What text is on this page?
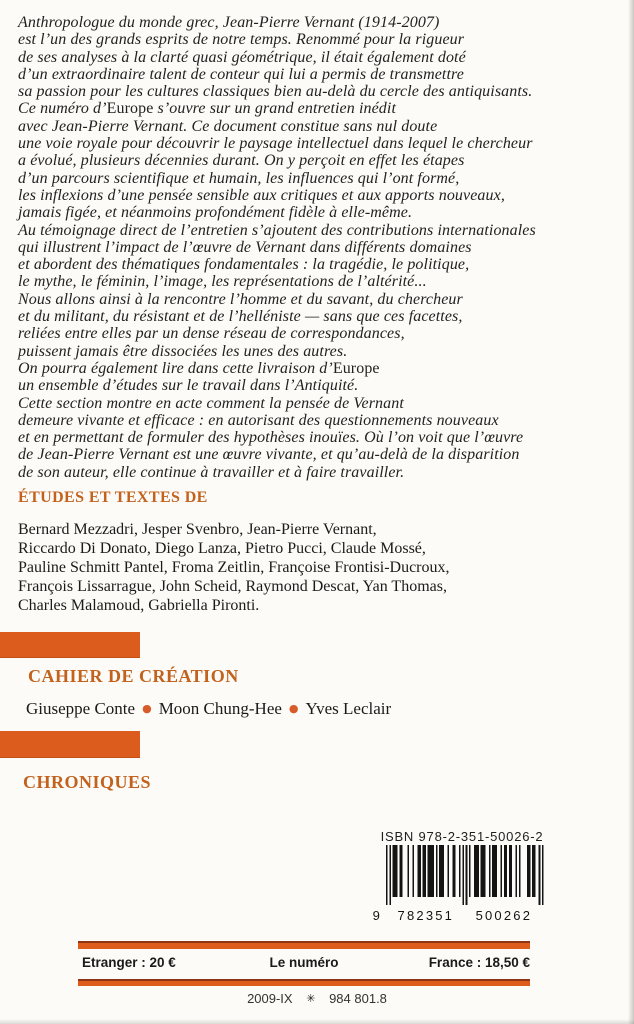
Anthropologue du monde grec, Jean-Pierre Vernant (1914-2007)
est l’un des grands esprits de notre temps. Renommé pour la rigueur
de ses analyses à la clarté quasi géométrique, il était également doté
d’un extraordinaire talent de conteur qui lui a permis de transmettre
sa passion pour les cultures classiques bien au-delà du cercle des antiquisants.
Ce numéro d’Europe s’ouvre sur un grand entretien inédit
avec Jean-Pierre Vernant. Ce document constitue sans nul doute
une voie royale pour découvrir le paysage intellectuel dans lequel le chercheur
a évolué, plusieurs décennies durant. On y perçoit en effet les étapes
d’un parcours scientifique et humain, les influences qui l’ont formé,
les inflexions d’une pensée sensible aux critiques et aux apports nouveaux,
jamais figée, et néanmoins profondément fidèle à elle-même.
Au témoignage direct de l’entretien s’ajoutent des contributions internationales
qui illustrent l’impact de l’œuvre de Vernant dans différents domaines
et abordent des thématiques fondamentales : la tragédie, le politique,
le mythe, le féminin, l’image, les représentations de l’altérité...
Nous allons ainsi à la rencontre l’homme et du savant, du chercheur
et du militant, du résistant et de l’helléniste — sans que ces facettes,
reliées entre elles par un dense réseau de correspondances,
puissent jamais être dissociées les unes des autres.
On pourra également lire dans cette livraison d’Europe
un ensemble d’études sur le travail dans l’Antiquité.
Cette section montre en acte comment la pensée de Vernant
demeure vivante et efficace : en autorisant des questionnements nouveaux
et en permettant de formuler des hypothèses inouïes. Où l’on voit que l’œuvre
de Jean-Pierre Vernant est une œuvre vivante, et qu’au-delà de la disparition
de son auteur, elle continue à travailler et à faire travailler.
ÉTUDES ET TEXTES DE
Bernard Mezzadri, Jesper Svenbro, Jean-Pierre Vernant,
Riccardo Di Donato, Diego Lanza, Pietro Pucci, Claude Mossé,
Pauline Schmitt Pantel, Froma Zeitlin, Françoise Frontisi-Ducroux,
François Lissarrague, John Scheid, Raymond Descat, Yan Thomas,
Charles Malamoud, Gabriella Pironti.
CAHIER DE CRÉATION
Giuseppe Conte ● Moon Chung-Hee ● Yves Leclair
CHRONIQUES
ISBN 978-2-351-50026-2
9 782351 500262
Etranger : 20 €	Le numéro	France : 18,50 €
2009-IX ✳ 984 801.8
